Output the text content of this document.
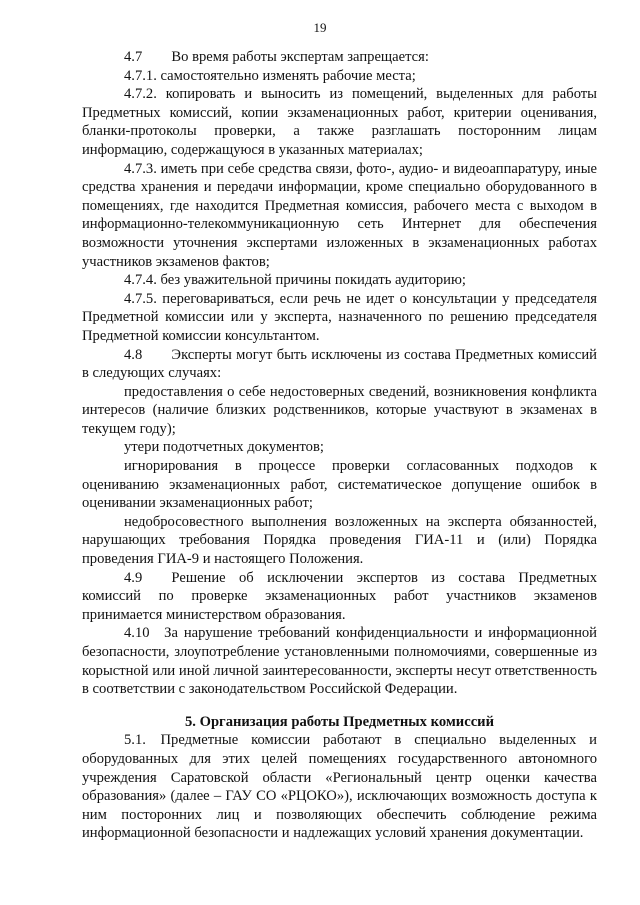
19

4.7  Во время работы экспертам запрещается:

4.7.1. самостоятельно изменять рабочие места;

4.7.2. копировать и выносить из помещений, выделенных для работы Предметных комиссий, копии экзаменационных работ, критерии оценивания, бланки-протоколы проверки, а также разглашать посторонним лицам информацию, содержащуюся в указанных материалах;

4.7.3. иметь при себе средства связи, фото-, аудио- и видеоаппаратуру, иные средства хранения и передачи информации, кроме специально оборудованного в помещениях, где находится Предметная комиссия, рабочего места с выходом в информационно-телекоммуникационную сеть Интернет для обеспечения возможности уточнения экспертами изложенных в экзаменационных работах участников экзаменов фактов;

4.7.4. без уважительной причины покидать аудиторию;

4.7.5. переговариваться, если речь не идет о консультации у председателя Предметной комиссии или у эксперта, назначенного по решению председателя Предметной комиссии консультантом.

4.8  Эксперты могут быть исключены из состава Предметных комиссий в следующих случаях:

предоставления о себе недостоверных сведений, возникновения конфликта интересов (наличие близких родственников, которые участвуют в экзаменах в текущем году);

утери подотчетных документов;

игнорирования в процессе проверки согласованных подходов к оцениванию экзаменационных работ, систематическое допущение ошибок в оценивании экзаменационных работ;

недобросовестного выполнения возложенных на эксперта обязанностей, нарушающих требования Порядка проведения ГИА-11 и (или) Порядка проведения ГИА-9 и настоящего Положения.

4.9  Решение об исключении экспертов из состава Предметных комиссий по проверке экзаменационных работ участников экзаменов принимается министерством образования.

4.10 За нарушение требований конфиденциальности и информационной безопасности, злоупотребление установленными полномочиями, совершенные из корыстной или иной личной заинтересованности, эксперты несут ответственность в соответствии с законодательством Российской Федерации.

5. Организация работы Предметных комиссий

5.1. Предметные комиссии работают в специально выделенных и оборудованных для этих целей помещениях государственного автономного учреждения Саратовской области «Региональный центр оценки качества образования» (далее – ГАУ СО «РЦОКО»), исключающих возможность доступа к ним посторонних лиц и позволяющих обеспечить соблюдение режима информационной безопасности и надлежащих условий хранения документации.
